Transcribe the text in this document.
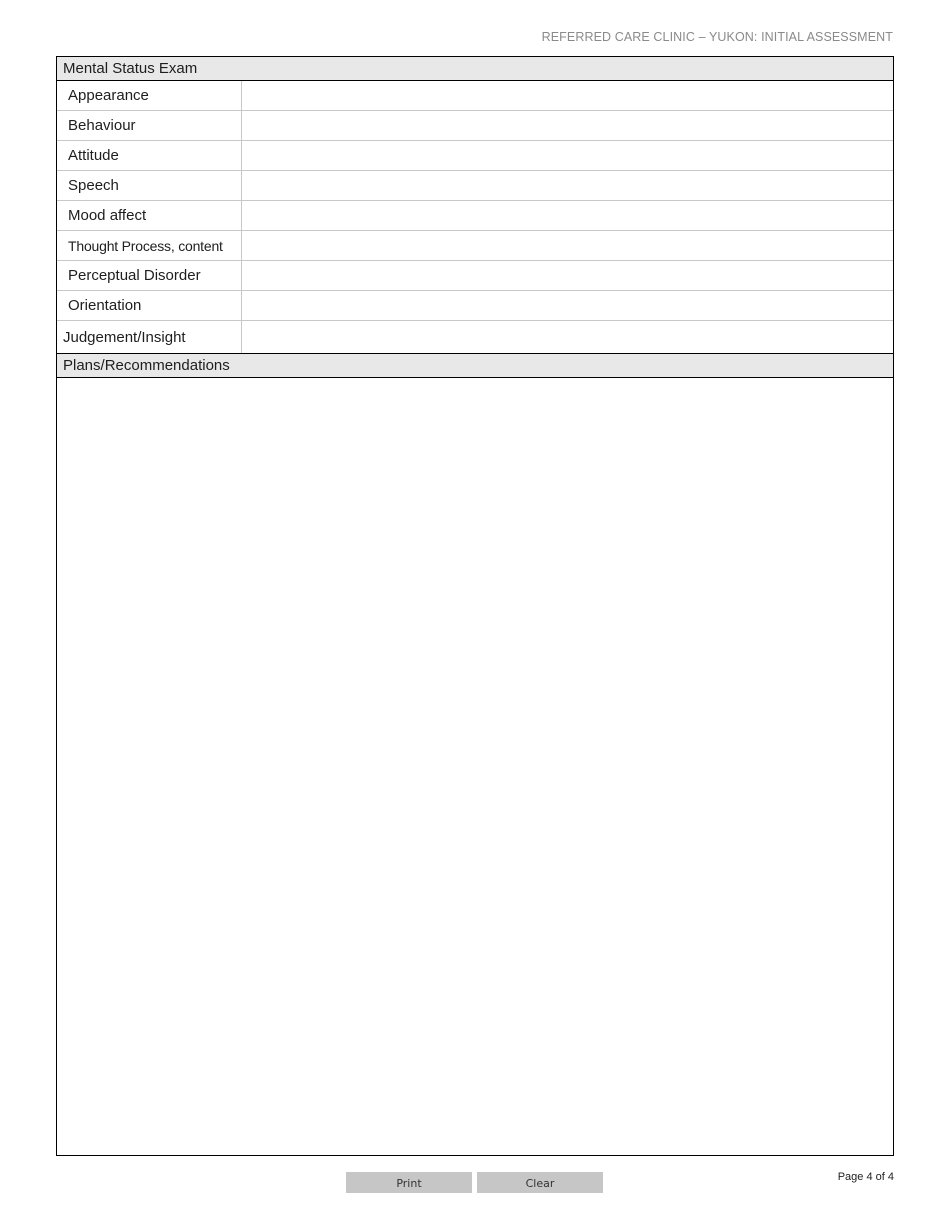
REFERRED CARE CLINIC – YUKON: INITIAL ASSESSMENT
Mental Status Exam
Appearance	
Behaviour	
Attitude	
Speech	
Mood affect	
Thought Process, content	
Perceptual Disorder	
Orientation	
Judgement/Insight	
Plans/Recommendations
Print	Clear	Page 4 of 4
